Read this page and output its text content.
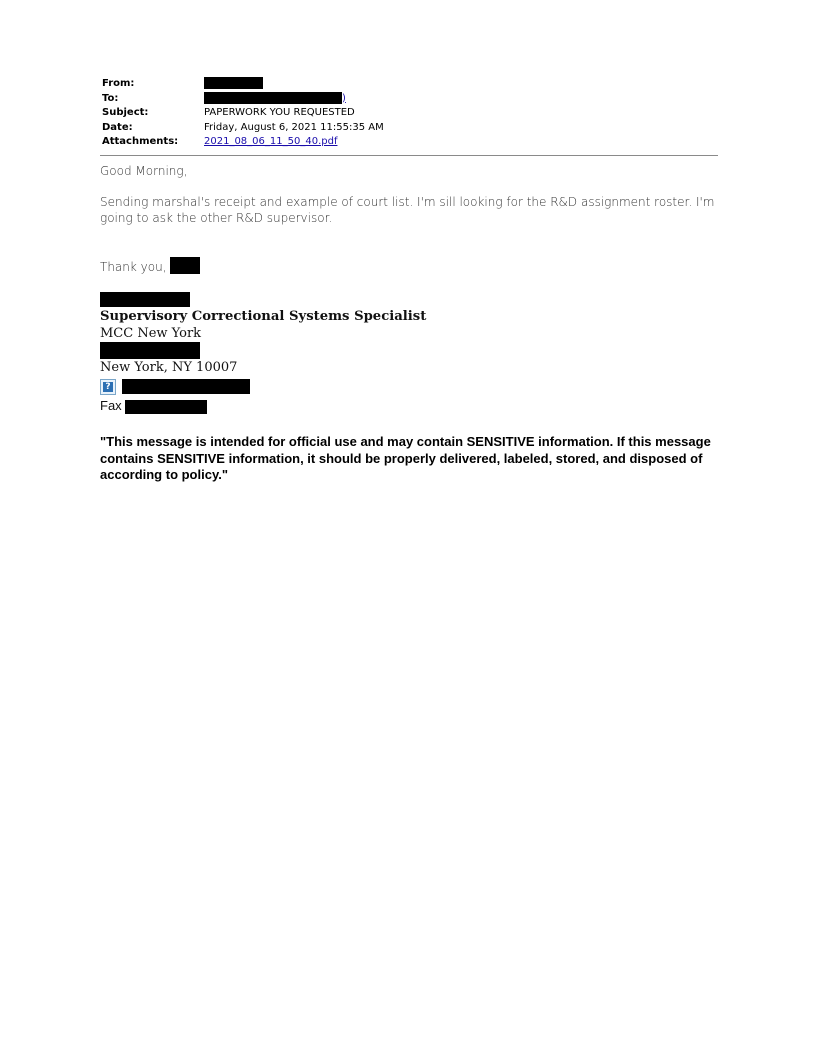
From:
To:	)
Subject:	PAPERWORK YOU REQUESTED
Date:	Friday, August 6, 2021 11:55:35 AM
Attachments:	2021_08_06_11_50_40.pdf

Good Morning,

Sending marshal's receipt and example of court list. I'm sill looking for the R&D assignment roster. I'm going to ask the other R&D supervisor.

Thank you,

Supervisory Correctional Systems Specialist
MCC New York
New York, NY 10007
?
Fax
"This message is intended for official use and may contain SENSITIVE information. If this message contains SENSITIVE information, it should be properly delivered, labeled, stored, and disposed of according to policy."
